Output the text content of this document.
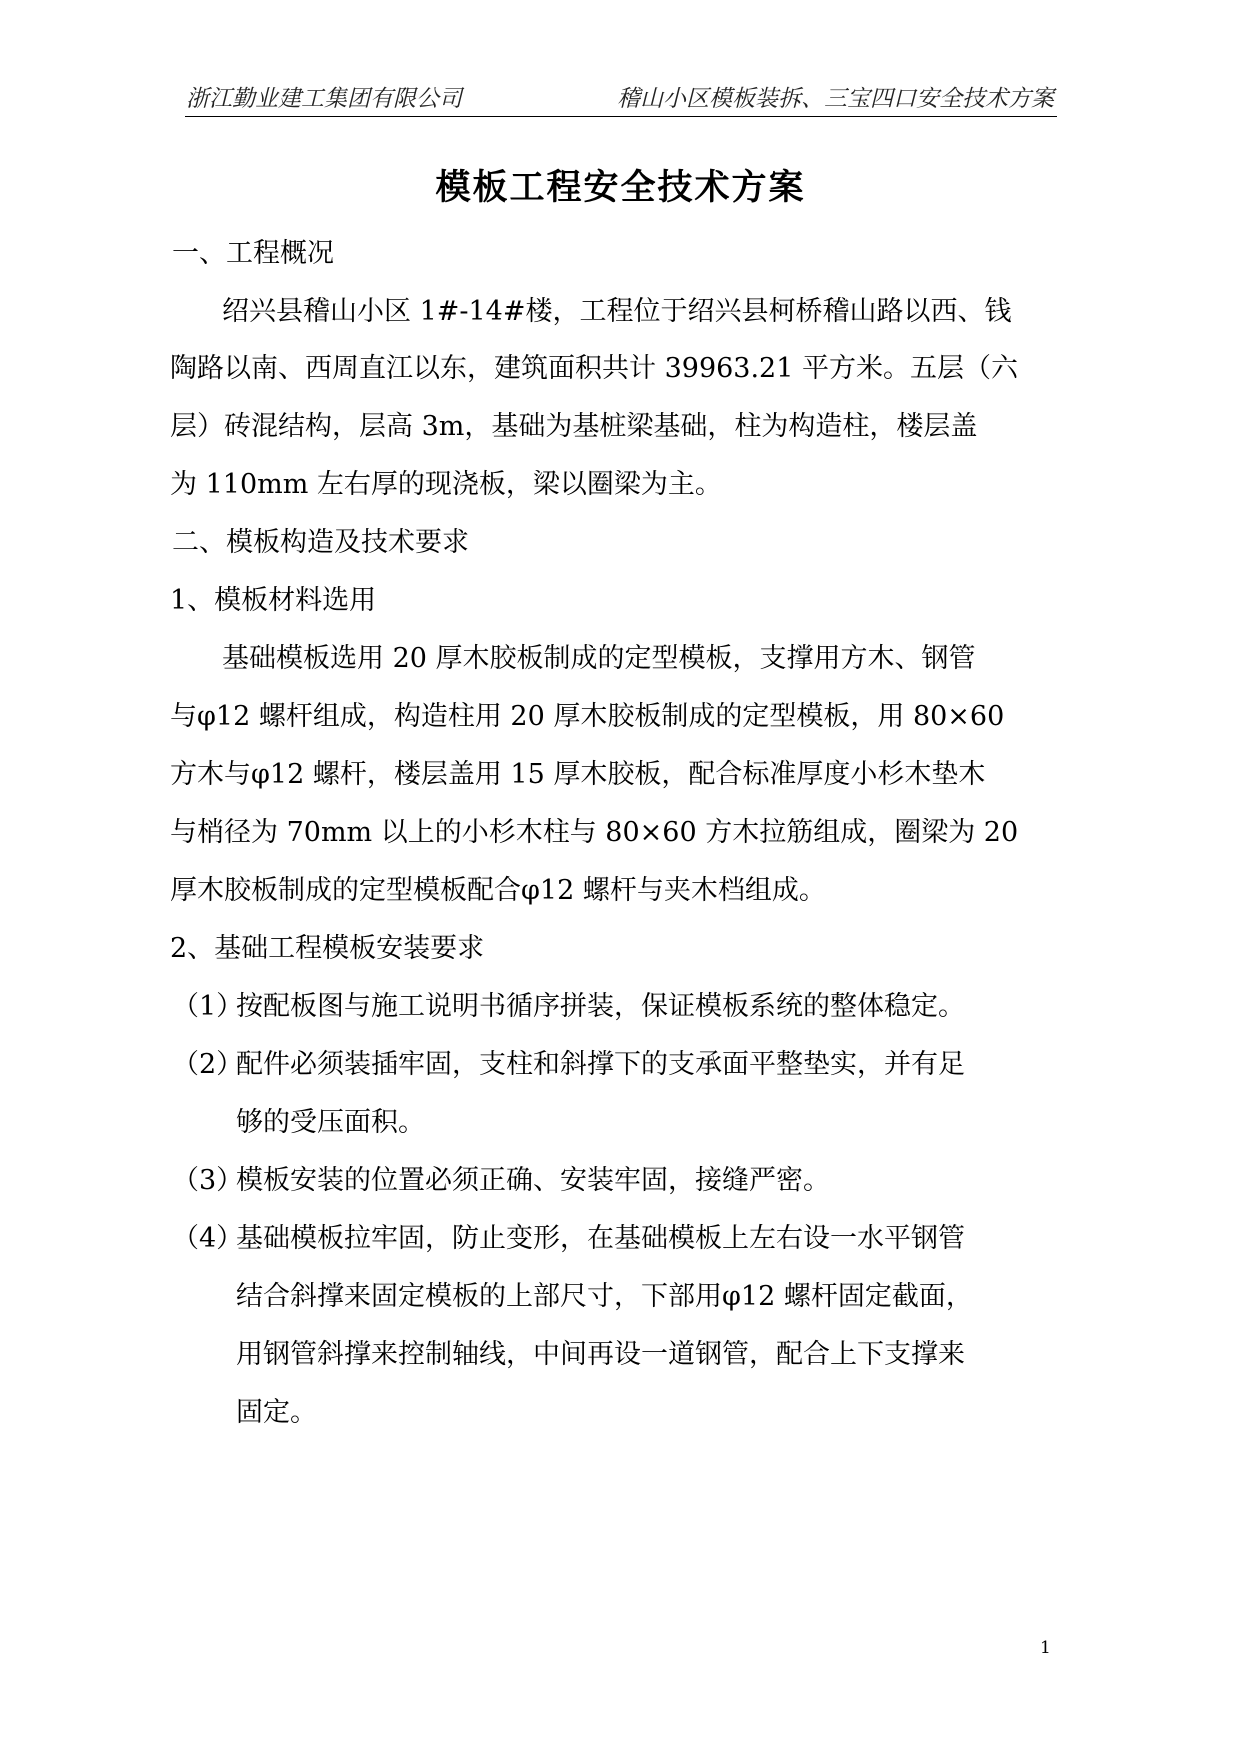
浙江勤业建工集团有限公司	稽山小区模板装拆、三宝四口安全技术方案
模板工程安全技术方案
一、工程概况
绍兴县稽山小区 1#-14#楼，工程位于绍兴县柯桥稽山路以西、钱
陶路以南、西周直江以东，建筑面积共计 39963.21 平方米。五层（六
层）砖混结构，层高 3m，基础为基桩梁基础，柱为构造柱，楼层盖
为 110mm 左右厚的现浇板，梁以圈梁为主。
二、模板构造及技术要求
1、模板材料选用
基础模板选用 20 厚木胶板制成的定型模板，支撑用方木、钢管
与φ12 螺杆组成，构造柱用 20 厚木胶板制成的定型模板，用 80×60
方木与φ12 螺杆，楼层盖用 15 厚木胶板，配合标准厚度小杉木垫木
与梢径为 70mm 以上的小杉木柱与 80×60 方木拉筋组成，圈梁为 20
厚木胶板制成的定型模板配合φ12 螺杆与夹木档组成。
2、基础工程模板安装要求
（1）
按配板图与施工说明书循序拼装，保证模板系统的整体稳定。
（2）
配件必须装插牢固，支柱和斜撑下的支承面平整垫实，并有足
够的受压面积。
（3）
模板安装的位置必须正确、安装牢固，接缝严密。
（4）
基础模板拉牢固，防止变形，在基础模板上左右设一水平钢管
结合斜撑来固定模板的上部尺寸，下部用φ12 螺杆固定截面，
用钢管斜撑来控制轴线，中间再设一道钢管，配合上下支撑来
固定。
1
